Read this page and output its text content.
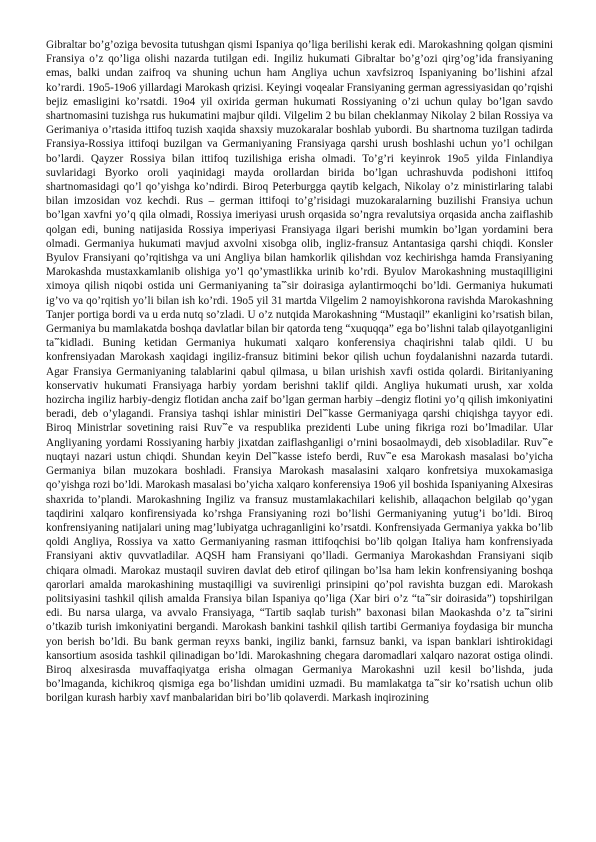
Gibraltar bo’g’oziga bevosita tutushgan qismi Ispaniya qo’liga berilishi kerak edi. Marokashning qolgan qismini Fransiya o’z qo’liga olishi nazarda tutilgan edi. Ingiliz hukumati Gibraltar bo’g’ozi qirg’og’ida fransiyaning emas, balki undan zaifroq va shuning uchun ham Angliya uchun xavfsizroq Ispaniyaning bo’lishini afzal ko’rardi. 19o5-19o6 yillardagi Marokash qrizisi. Keyingi voqealar Fransiyaning german agressiyasidan qo’rqishi bejiz emasligini ko’rsatdi. 19o4 yil oxirida german hukumati Rossiyaning o’zi uchun qulay bo’lgan savdo shartnomasini tuzishga rus hukumatini majbur qildi. Vilgelim 2 bu bilan cheklanmay Nikolay 2 bilan Rossiya va Gerimaniya o’rtasida ittifoq tuzish xaqida shaxsiy muzokaralar boshlab yubordi. Bu shartnoma tuzilgan tadirda Fransiya-Rossiya ittifoqi buzilgan va Germaniyaning Fransiyaga qarshi urush boshlashi uchun yo’l ochilgan bo’lardi. Qayzer Rossiya bilan ittifoq tuzilishiga erisha olmadi. To’g’ri keyinrok 19o5 yilda Finlandiya suvlaridagi Byorko oroli yaqinidagi mayda orollardan birida bo’lgan uchrashuvda podishoni ittifoq shartnomasidagi qo’l qo’yishga ko’ndirdi. Biroq Peterburgga qaytib kelgach, Nikolay o’z ministirlaring talabi bilan imzosidan voz kechdi. Rus – german ittifoqi to’g’risidagi muzokaralarning buzilishi Fransiya uchun bo’lgan xavfni yo’q qila olmadi, Rossiya imeriyasi urush orqasida so’ngra revalutsiya orqasida ancha zaiflashib qolgan edi, buning natijasida Rossiya imperiyasi Fransiyaga ilgari berishi mumkin bo’lgan yordamini bera olmadi. Germaniya hukumati mavjud axvolni xisobga olib, ingliz-fransuz Antantasiga qarshi chiqdi. Konsler Byulov Fransiyani qo’rqitishga va uni Angliya bilan hamkorlik qilishdan voz kechirishga hamda Fransiyaning Marokashda mustaxkamlanib olishiga yo’l qo’ymastlikka urinib ko’rdi. Byulov Marokashning mustaqilligini ximoya qilish niqobi ostida uni Germaniyaning ta‷sir doirasiga aylantirmoqchi bo’ldi. Germaniya hukumati ig’vo va qo’rqitish yo’li bilan ish ko’rdi. 19o5 yil 31 martda Vilgelim 2 namoyishkorona ravishda Marokashning Tanjer portiga bordi va u erda nutq so’zladi. U o’z nutqida Marokashning “Mustaqil” ekanligini ko’rsatish bilan, Germaniya bu mamlakatda boshqa davlatlar bilan bir qatorda teng “xuquqqa” ega bo’lishni talab qilayotganligini ta‷kidladi. Buning ketidan Germaniya hukumati xalqaro konferensiya chaqirishni talab qildi. U bu konfrensiyadan Marokash xaqidagi ingiliz-fransuz bitimini bekor qilish uchun foydalanishni nazarda tutardi. Agar Fransiya Germaniyaning talablarini qabul qilmasa, u bilan urishish xavfi ostida qolardi. Biritaniyaning konservativ hukumati Fransiyaga harbiy yordam berishni taklif qildi. Angliya hukumati urush, xar xolda hozircha ingiliz harbiy-dengiz flotidan ancha zaif bo’lgan german harbiy –dengiz flotini yo’q qilish imkoniyatini beradi, deb o’ylagandi. Fransiya tashqi ishlar ministiri Del‷kasse Germaniyaga qarshi chiqishga tayyor edi. Biroq Ministrlar sovetining raisi Ruv‷e va respublika prezidenti Lube uning fikriga rozi bo’lmadilar. Ular Angliyaning yordami Rossiyaning harbiy jixatdan zaiflashganligi o’rnini bosaolmaydi, deb xisobladilar. Ruv‷e nuqtayi nazari ustun chiqdi. Shundan keyin Del‷kasse istefo berdi, Ruv‷e esa Marokash masalasi bo’yicha Germaniya bilan muzokara boshladi. Fransiya Marokash masalasini xalqaro konfretsiya muxokamasiga qo’yishga rozi bo’ldi. Marokash masalasi bo’yicha xalqaro konferensiya 19o6 yil boshida Ispaniyaning Alxesiras shaxrida to’plandi. Marokashning Ingiliz va fransuz mustamlakachilari kelishib, allaqachon belgilab qo’ygan taqdirini xalqaro konfirensiyada ko’rshga Fransiyaning rozi bo’lishi Germaniyaning yutug’i bo’ldi. Biroq konfrensiyaning natijalari uning mag’lubiyatga uchraganligini ko’rsatdi. Konfrensiyada Germaniya yakka bo’lib qoldi Angliya, Rossiya va xatto Germaniyaning rasman ittifoqchisi bo’lib qolgan Italiya ham konfrensiyada Fransiyani aktiv quvvatladilar. AQSH ham Fransiyani qo’lladi. Germaniya Marokashdan Fransiyani siqib chiqara olmadi. Marokaz mustaqil suviren davlat deb etirof qilingan bo’lsa ham lekin konfrensiyaning boshqa qarorlari amalda marokashining mustaqilligi va suvirenligi prinsipini qo’pol ravishta buzgan edi. Marokash politsiyasini tashkil qilish amalda Fransiya bilan Ispaniya qo’liga (Xar biri o’z “ta‷sir doirasida”) topshirilgan edi. Bu narsa ularga, va avvalo Fransiyaga, “Tartib saqlab turish” baxonasi bilan Maokashda o’z ta‷sirini o’tkazib turish imkoniyatini bergandi. Marokash bankini tashkil qilish tartibi Germaniya foydasiga bir muncha yon berish bo’ldi. Bu bank german reyxs banki, ingiliz banki, farnsuz banki, va ispan banklari ishtirokidagi kansortium asosida tashkil qilinadigan bo’ldi. Marokashning chegara daromadlari xalqaro nazorat ostiga olindi. Biroq alxesirasda muvaffaqiyatga erisha olmagan Germaniya Marokashni uzil kesil bo’lishda, juda bo’lmaganda, kichikroq qismiga ega bo’lishdan umidini uzmadi. Bu mamlakatga ta‷sir ko’rsatish uchun olib borilgan kurash harbiy xavf manbalaridan biri bo’lib qolaverdi. Markash inqirozining
